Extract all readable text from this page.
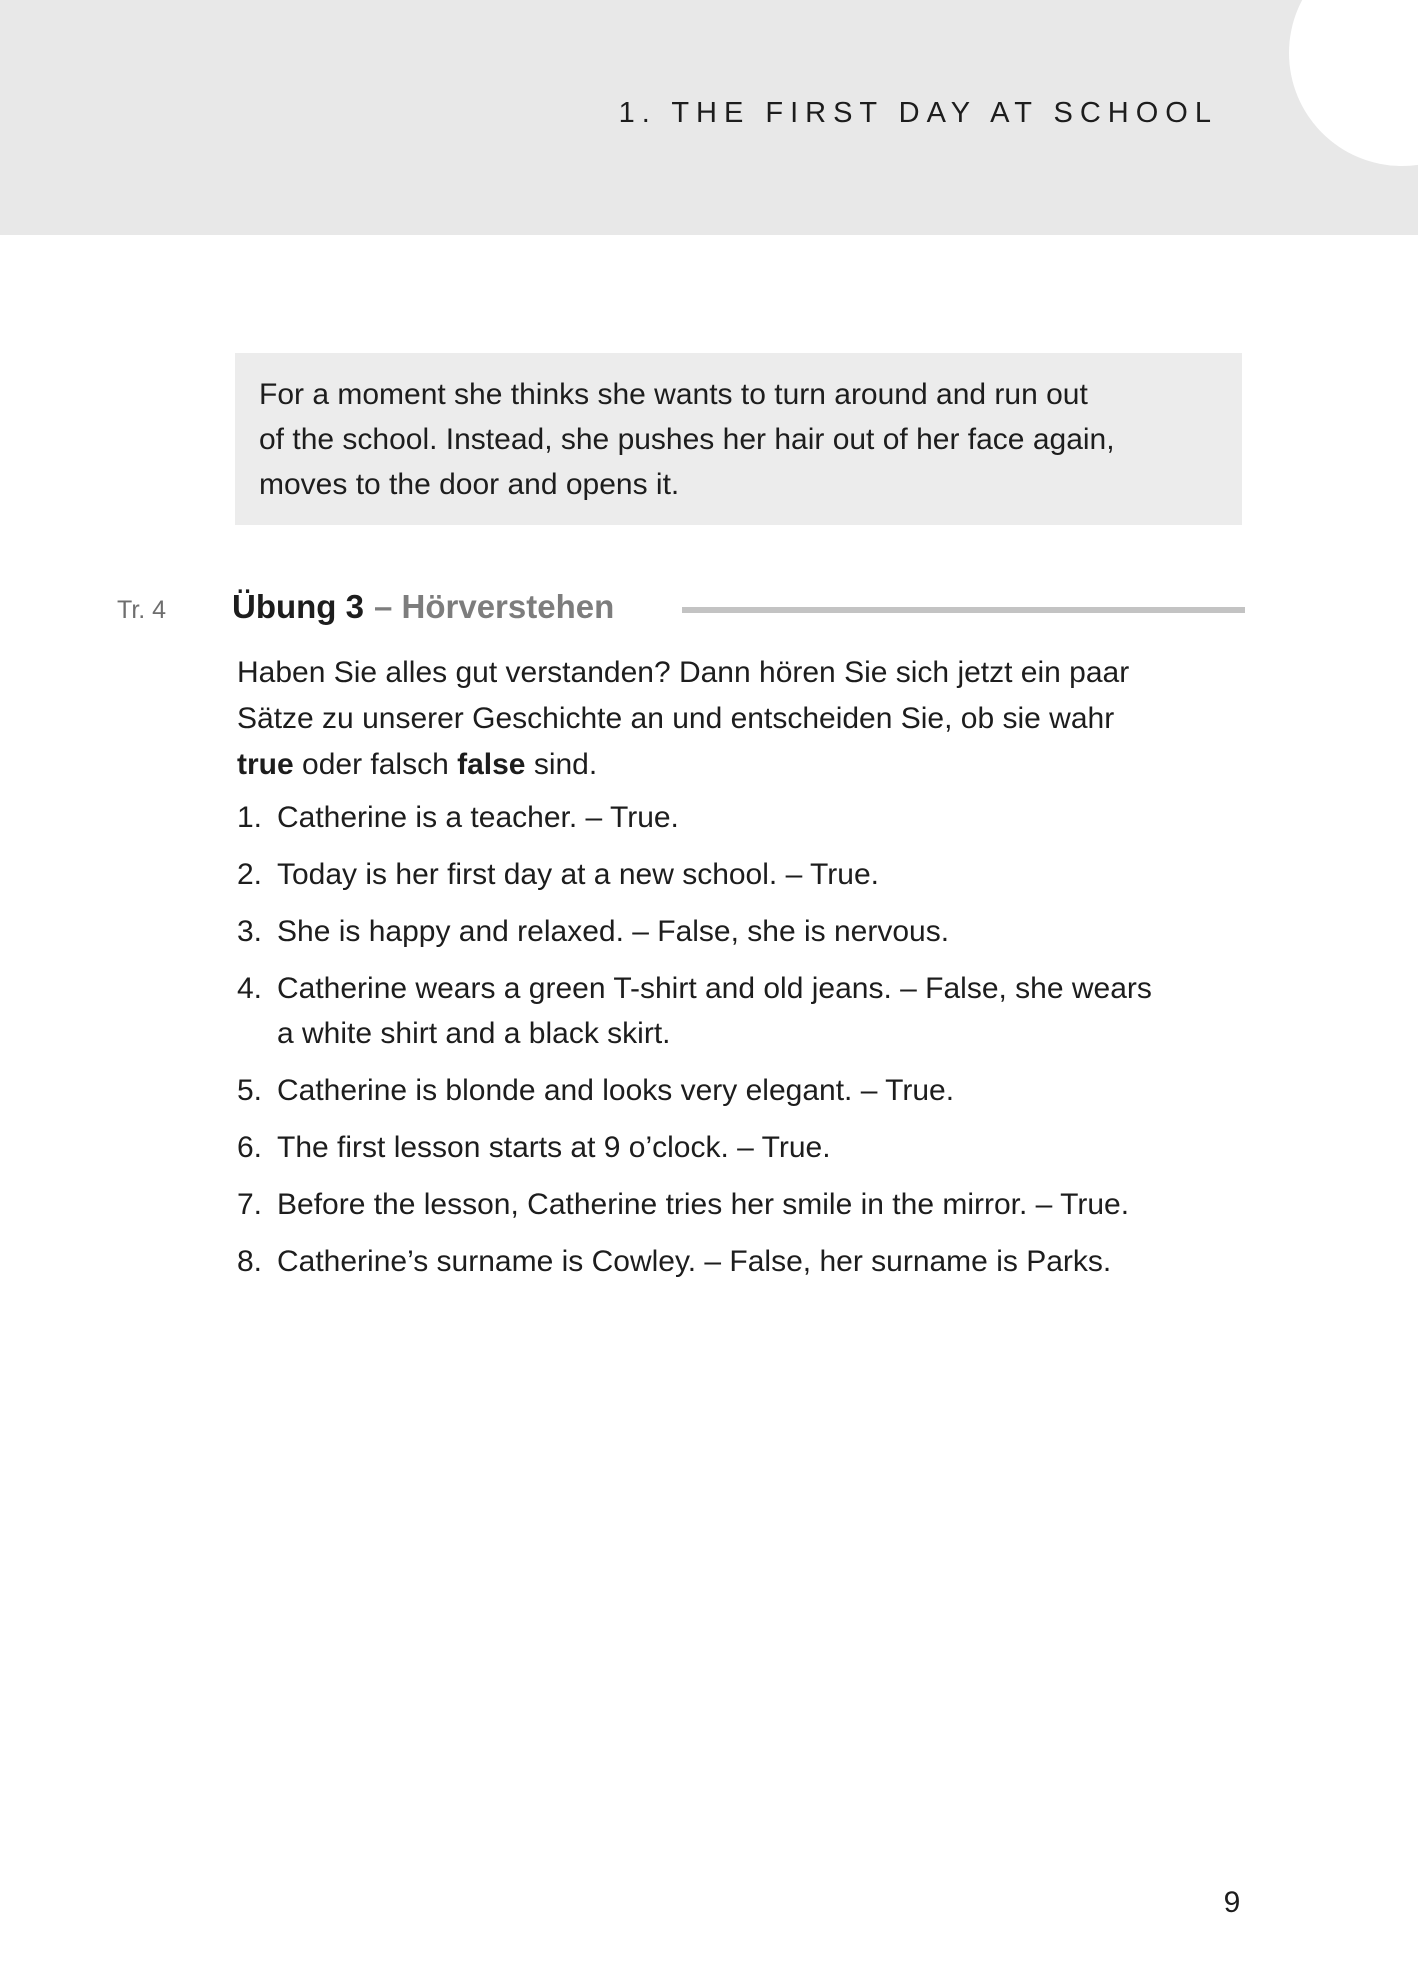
1. THE FIRST DAY AT SCHOOL
For a moment she thinks she wants to turn around and run out
of the school. Instead, she pushes her hair out of her face again,
moves to the door and opens it.
Tr. 4 Übung 3 – Hörverstehen
Haben Sie alles gut verstanden? Dann hören Sie sich jetzt ein paar
Sätze zu unserer Geschichte an und entscheiden Sie, ob sie wahr
true oder falsch false sind.
1. Catherine is a teacher. – True.
2. Today is her first day at a new school. – True.
3. She is happy and relaxed. – False, she is nervous.
4. Catherine wears a green T-shirt and old jeans. – False, she wears
a white shirt and a black skirt.
5. Catherine is blonde and looks very elegant. – True.
6. The first lesson starts at 9 o’clock. – True.
7. Before the lesson, Catherine tries her smile in the mirror. – True.
8. Catherine’s surname is Cowley. – False, her surname is Parks.
9
